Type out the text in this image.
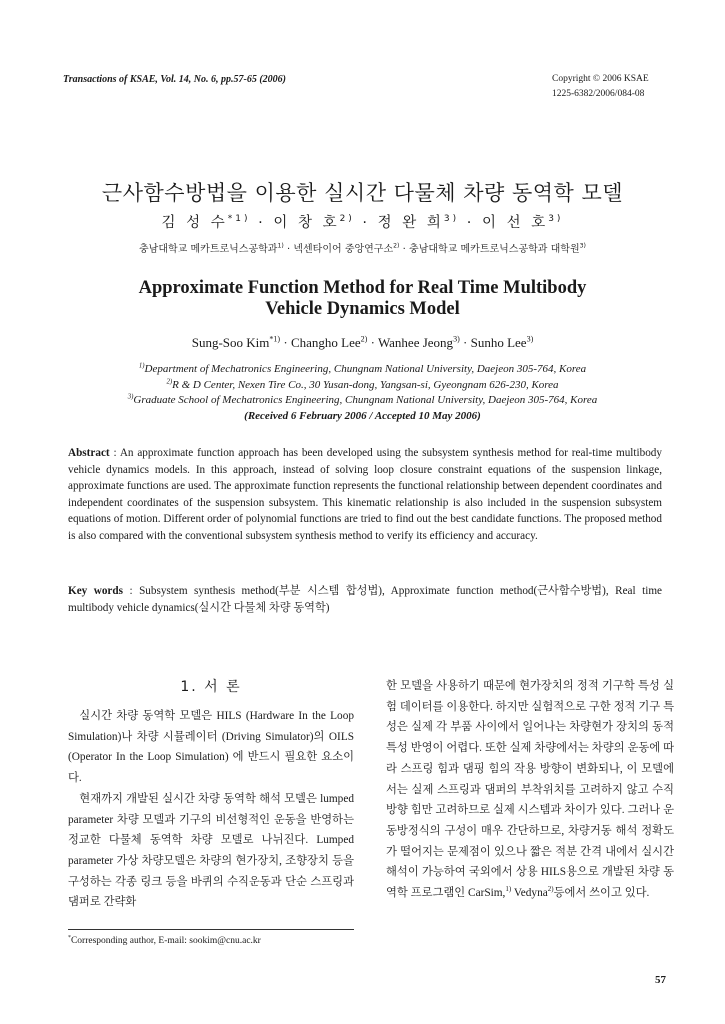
Transactions of KSAE, Vol. 14, No. 6, pp.57-65 (2006)	Copyright © 2006 KSAE
1225-6382/2006/084-08
근사함수방법을 이용한 실시간 다물체 차량 동역학 모델
김 성 수$^{*1)}$ · 이 창 호$^{2)}$ · 정 완 희$^{3)}$ · 이 선 호$^{3)}$
충남대학교 메카트로닉스공학과$^{1)}$ · 넥센타이어 중앙연구소$^{2)}$ · 충남대학교 메카트로닉스공학과 대학원$^{3)}$
Approximate Function Method for Real Time Multibody
Vehicle Dynamics Model
Sung-Soo Kim$^{*1)}$ · Changho Lee$^{2)}$ · Wanhee Jeong$^{3)}$ · Sunho Lee$^{3)}$
$^{1)}$Department of Mechatronics Engineering, Chungnam National University, Daejeon 305-764, Korea
$^{2)}$R & D Center, Nexen Tire Co., 30 Yusan-dong, Yangsan-si, Gyeongnam 626-230, Korea
$^{3)}$Graduate School of Mechatronics Engineering, Chungnam National University, Daejeon 305-764, Korea
(Received 6 February 2006 / Accepted 10 May 2006)
Abstract : An approximate function approach has been developed using the subsystem synthesis method for real-time multibody vehicle dynamics models. In this approach, instead of solving loop closure constraint equations of the suspension linkage, approximate functions are used. The approximate function represents the functional relationship between dependent coordinates and independent coordinates of the suspension subsystem. This kinematic relationship is also included in the suspension subsystem equations of motion. Different order of polynomial functions are tried to find out the best candidate functions. The proposed method is also compared with the conventional subsystem synthesis method to verify its efficiency and accuracy.
Key words : Subsystem synthesis method(부분 시스템 합성법), Approximate function method(근사함수방법), Real time multibody vehicle dynamics(실시간 다물체 차량 동역학)
1. 서 론

실시간 차량 동역학 모델은 HILS (Hardware In the Loop Simulation)나 차량 시뮬레이터 (Driving Simulator)의 OILS (Operator In the Loop Simulation) 에 반드시 필요한 요소이다.

현재까지 개발된 실시간 차량 동역학 해석 모델은 lumped parameter 차량 모델과 기구의 비선형적인 운동을 반영하는 정교한 다물체 동역학 차량 모델로 나뉘진다. Lumped parameter 가상 차량모델은 차량의 현가장치, 조향장치 등을 구성하는 각종 링크 등을 바퀴의 수직운동과 단순 스프링과 댐퍼로 간략화

한 모델을 사용하기 때문에 현가장치의 정적 기구학 특성 실험 데이터를 이용한다. 하지만 실험적으로 구한 정적 기구 특성은 실제 각 부품 사이에서 일어나는 차량현가 장치의 동적 특성 반영이 어렵다. 또한 실제 차량에서는 차량의 운동에 따라 스프링 힘과 댐핑 힘의 작용 방향이 변화되나, 이 모델에서는 실제 스프링과 댐퍼의 부착위치를 고려하지 않고 수직방향 힘만 고려하므로 실제 시스템과 차이가 있다. 그러나 운동방정식의 구성이 매우 간단하므로, 차량거동 해석 정확도가 떨어지는 문제점이 있으나 짧은 적분 간격 내에서 실시간 해석이 가능하여 국외에서 상용 HILS용으로 개발된 차량 동역학 프로그램인 CarSim,$^{1)}$ Vedyna$^{2)}$등에서 쓰이고 있다.

*Corresponding author, E-mail: sookim@cnu.ac.kr
57
